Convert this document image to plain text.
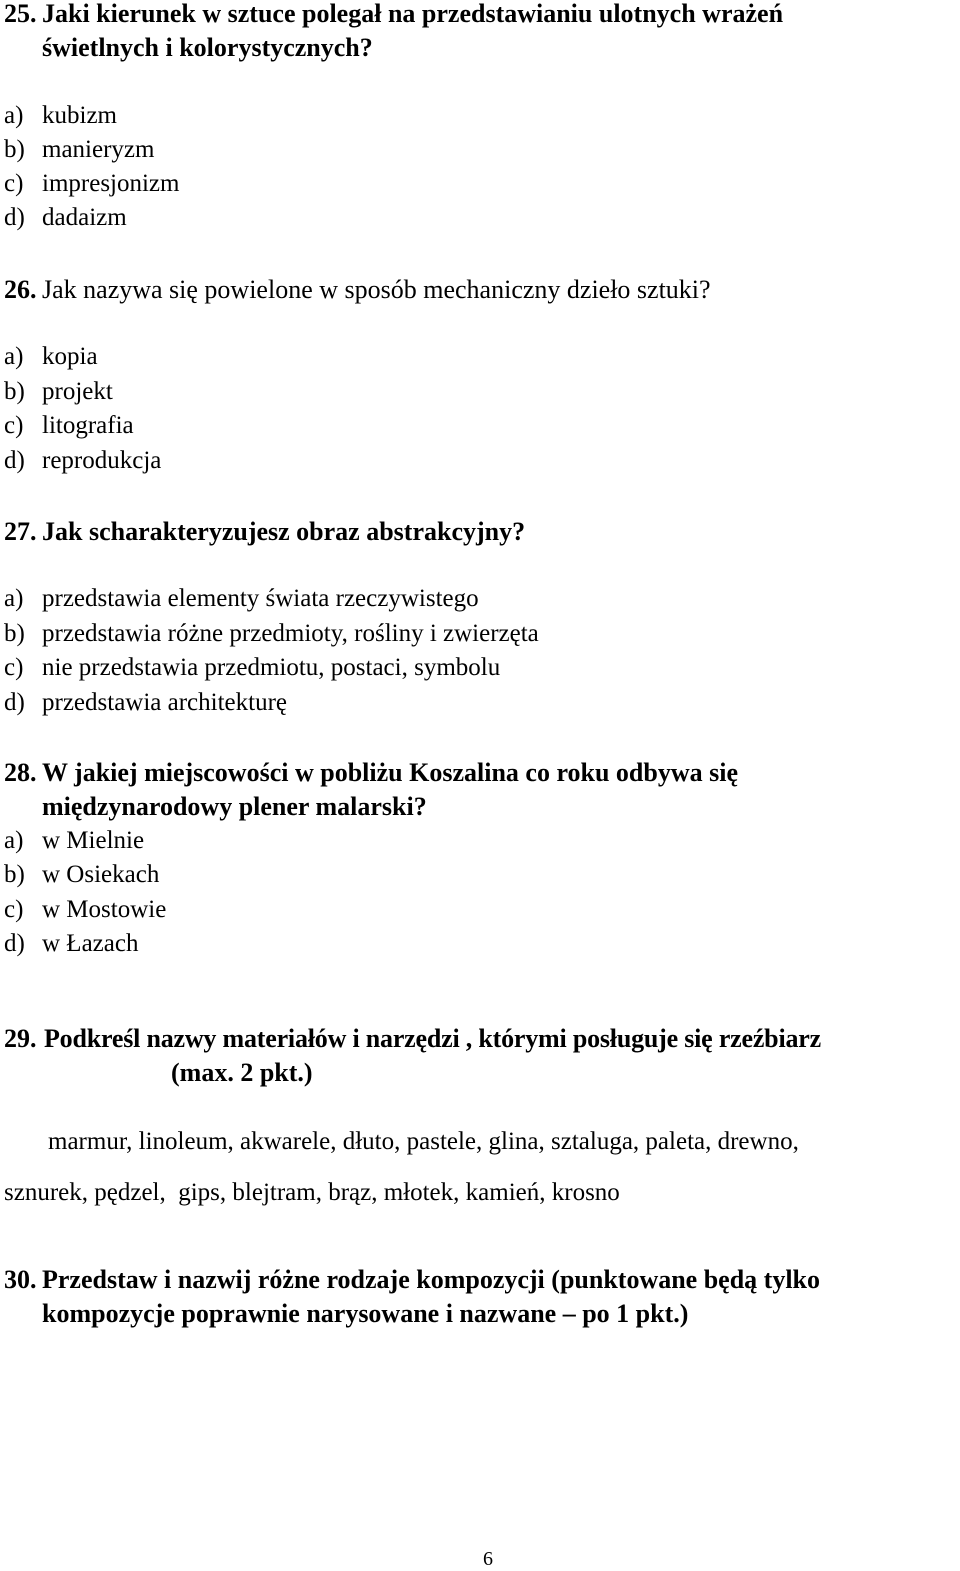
25. Jaki kierunek w sztuce polegał na przedstawianiu ulotnych wrażeń
świetlnych i kolorystycznych?
a) kubizm
b) manieryzm
c) impresjonizm
d) dadaizm
26. Jak nazywa się powielone w sposób mechaniczny dzieło sztuki?
a) kopia
b) projekt
c) litografia
d) reprodukcja
27. Jak scharakteryzujesz obraz abstrakcyjny?
a) przedstawia elementy świata rzeczywistego
b) przedstawia różne przedmioty, rośliny i zwierzęta
c) nie przedstawia przedmiotu, postaci, symbolu
d) przedstawia architekturę
28. W jakiej miejscowości w pobliżu Koszalina co roku odbywa się
międzynarodowy plener malarski?
a) w Mielnie
b) w Osiekach
c) w Mostowie
d) w Łazach
29. Podkreśl nazwy materiałów i narzędzi , którymi posługuje się rzeźbiarz
(max. 2 pkt.)
marmur, linoleum, akwarele, dłuto, pastele, glina, sztaluga, paleta, drewno,
sznurek, pędzel,  gips, blejtram, brąz, młotek, kamień, krosno
30. Przedstaw i nazwij różne rodzaje kompozycji (punktowane będą tylko
kompozycje poprawnie narysowane i nazwane – po 1 pkt.)
6
